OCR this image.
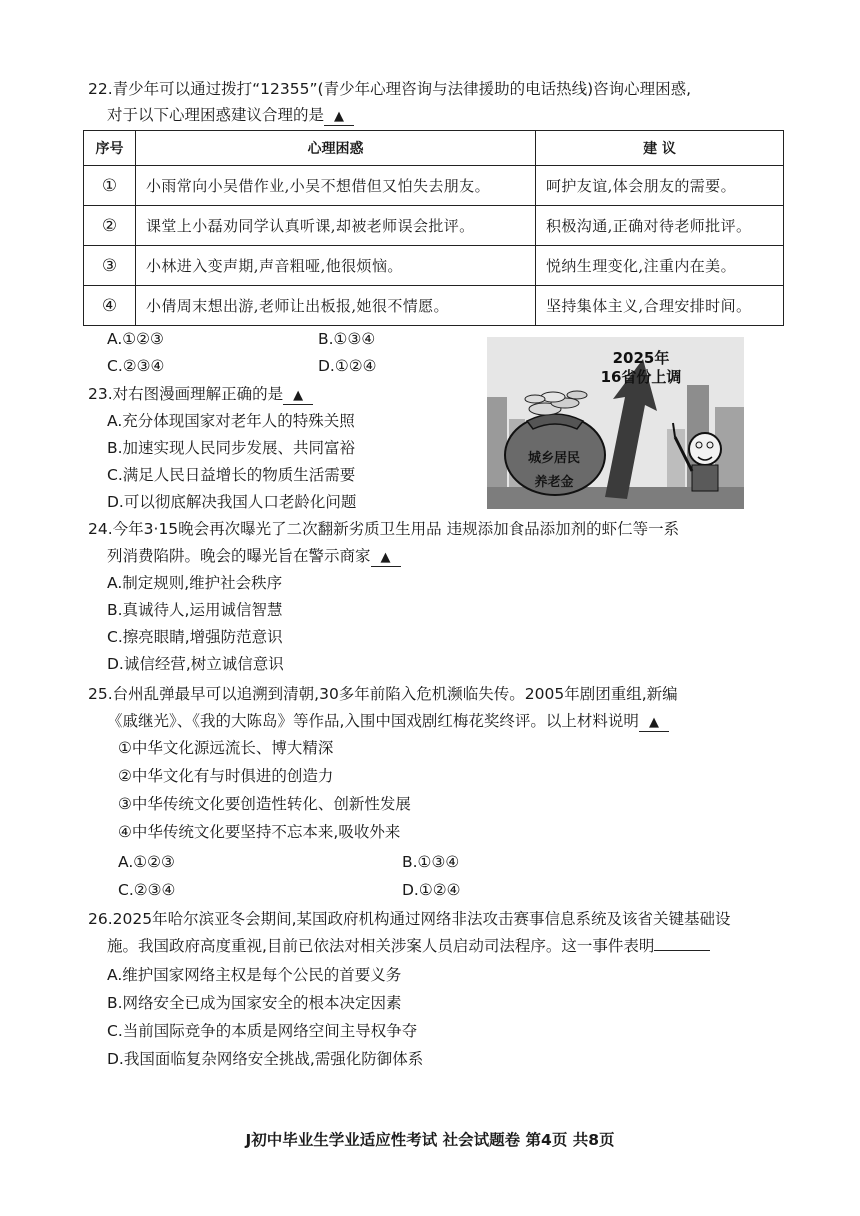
22.青少年可以通过拨打“12355”(青少年心理咨询与法律援助的电话热线)咨询心理困惑,
对于以下心理困惑建议合理的是 ▲
序号	心理困惑	建 议
①	小雨常向小吴借作业,小吴不想借但又怕失去朋友。	呵护友谊,体会朋友的需要。
②	课堂上小磊劝同学认真听课,却被老师误会批评。	积极沟通,正确对待老师批评。
③	小林进入变声期,声音粗哑,他很烦恼。	悦纳生理变化,注重内在美。
④	小倩周末想出游,老师让出板报,她很不情愿。	坚持集体主义,合理安排时间。
A.①②③	B.①③④
C.②③④	D.①②④	2025年
16省份上调
城乡居民
养老金
23.对右图漫画理解正确的是 ▲
A.充分体现国家对老年人的特殊关照
B.加速实现人民同步发展、共同富裕
C.满足人民日益增长的物质生活需要
D.可以彻底解决我国人口老龄化问题
24.今年3·15晚会再次曝光了二次翻新劣质卫生用品 违规添加食品添加剂的虾仁等一系
列消费陷阱。晚会的曝光旨在警示商家 ▲
A.制定规则,维护社会秩序
B.真诚待人,运用诚信智慧
C.擦亮眼睛,增强防范意识
D.诚信经营,树立诚信意识
25.台州乱弹最早可以追溯到清朝,30多年前陷入危机濒临失传。2005年剧团重组,新编
《戚继光》、《我的大陈岛》等作品,入围中国戏剧红梅花奖终评。以上材料说明 ▲
①中华文化源远流长、博大精深
②中华文化有与时俱进的创造力
③中华传统文化要创造性转化、创新性发展
④中华传统文化要坚持不忘本来,吸收外来
A.①②③	B.①③④
C.②③④	D.①②④
26.2025年哈尔滨亚冬会期间,某国政府机构通过网络非法攻击赛事信息系统及该省关键基础设
施。我国政府高度重视,目前已依法对相关涉案人员启动司法程序。这一事件表明
A.维护国家网络主权是每个公民的首要义务
B.网络安全已成为国家安全的根本决定因素
C.当前国际竞争的本质是网络空间主导权争夺
D.我国面临复杂网络安全挑战,需强化防御体系
J初中毕业生学业适应性考试 社会试题卷 第4页 共8页
